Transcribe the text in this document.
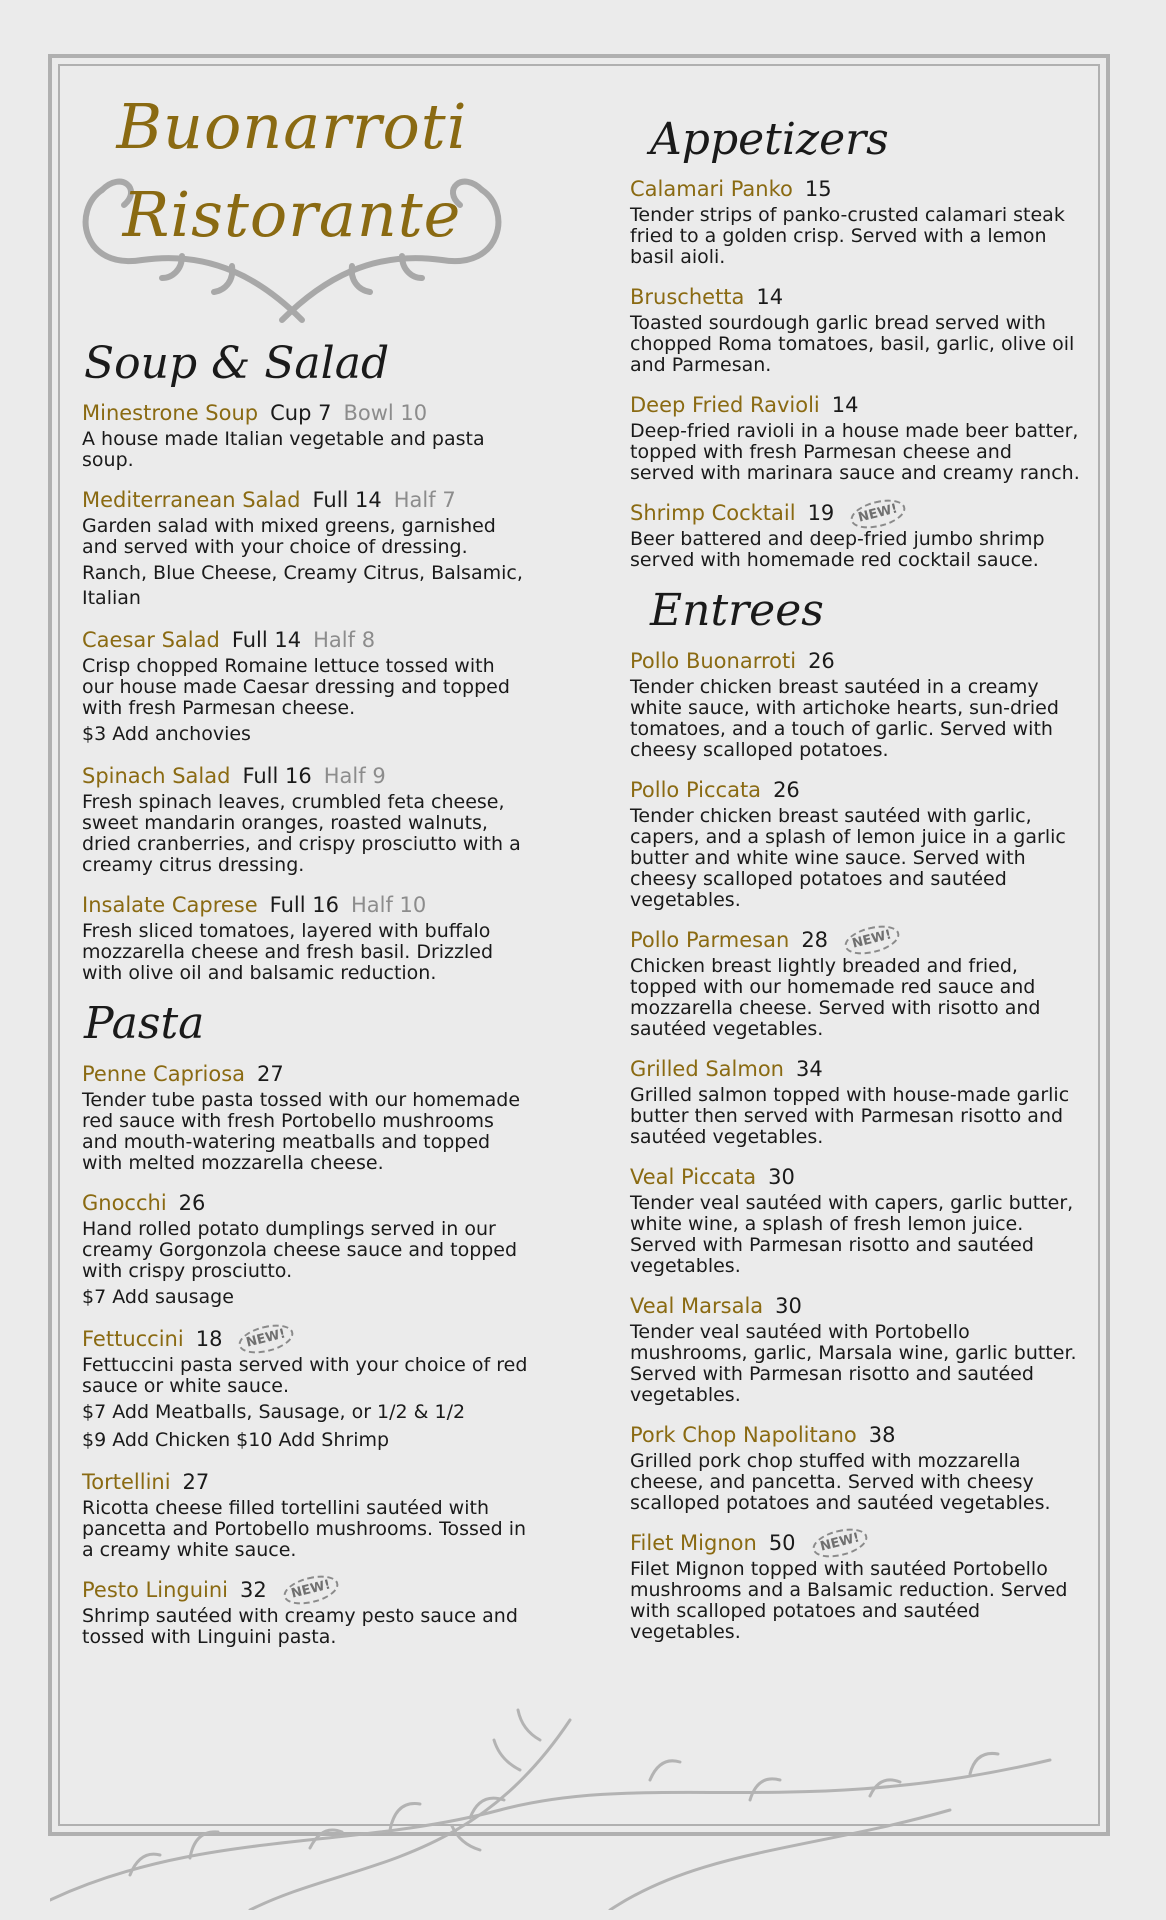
Buonarroti
Ristorante
Soup & Salad
Minestrone Soup Cup 7 Bowl 10
A house made Italian vegetable and pasta soup.
Mediterranean Salad Full 14 Half 7
Garden salad with mixed greens, garnished and served with your choice of dressing.
Ranch, Blue Cheese, Creamy Citrus, Balsamic, Italian
Caesar Salad Full 14 Half 8
Crisp chopped Romaine lettuce tossed with our house made Caesar dressing and topped with fresh Parmesan cheese.
$3 Add anchovies
Spinach Salad Full 16 Half 9
Fresh spinach leaves, crumbled feta cheese, sweet mandarin oranges, roasted walnuts, dried cranberries, and crispy prosciutto with a creamy citrus dressing.
Insalate Caprese Full 16 Half 10
Fresh sliced tomatoes, layered with buffalo mozzarella cheese and fresh basil. Drizzled with olive oil and balsamic reduction.
Pasta
Penne Capriosa 27
Tender tube pasta tossed with our homemade red sauce with fresh Portobello mushrooms and mouth-watering meatballs and topped with melted mozzarella cheese.
Gnocchi 26
Hand rolled potato dumplings served in our creamy Gorgonzola cheese sauce and topped with crispy prosciutto.
$7 Add sausage
Fettuccini 18	NEW!
Fettuccini pasta served with your choice of red sauce or white sauce.
$7 Add Meatballs, Sausage, or 1/2 & 1/2
$9 Add Chicken $10 Add Shrimp
Tortellini 27
Ricotta cheese filled tortellini sautéed with pancetta and Portobello mushrooms. Tossed in a creamy white sauce.
Pesto Linguini 32	NEW!
Shrimp sautéed with creamy pesto sauce and tossed with Linguini pasta.
Appetizers
Calamari Panko 15
Tender strips of panko-crusted calamari steak fried to a golden crisp. Served with a lemon basil aioli.
Bruschetta 14
Toasted sourdough garlic bread served with chopped Roma tomatoes, basil, garlic, olive oil and Parmesan.
Deep Fried Ravioli 14
Deep-fried ravioli in a house made beer batter, topped with fresh Parmesan cheese and served with marinara sauce and creamy ranch.
Shrimp Cocktail 19	NEW!
Beer battered and deep-fried jumbo shrimp served with homemade red cocktail sauce.
Entrees
Pollo Buonarroti 26
Tender chicken breast sautéed in a creamy white sauce, with artichoke hearts, sun-dried tomatoes, and a touch of garlic. Served with cheesy scalloped potatoes.
Pollo Piccata 26
Tender chicken breast sautéed with garlic, capers, and a splash of lemon juice in a garlic butter and white wine sauce. Served with cheesy scalloped potatoes and sautéed vegetables.
Pollo Parmesan 28	NEW!
Chicken breast lightly breaded and fried, topped with our homemade red sauce and mozzarella cheese. Served with risotto and sautéed vegetables.
Grilled Salmon 34
Grilled salmon topped with house-made garlic butter then served with Parmesan risotto and sautéed vegetables.
Veal Piccata 30
Tender veal sautéed with capers, garlic butter, white wine, a splash of fresh lemon juice. Served with Parmesan risotto and sautéed vegetables.
Veal Marsala 30
Tender veal sautéed with Portobello mushrooms, garlic, Marsala wine, garlic butter. Served with Parmesan risotto and sautéed vegetables.
Pork Chop Napolitano 38
Grilled pork chop stuffed with mozzarella cheese, and pancetta. Served with cheesy scalloped potatoes and sautéed vegetables.
Filet Mignon 50	NEW!
Filet Mignon topped with sautéed Portobello mushrooms and a Balsamic reduction. Served with scalloped potatoes and sautéed vegetables.
